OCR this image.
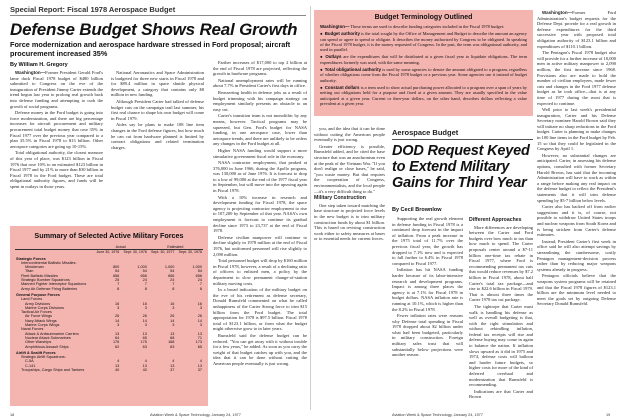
Special Report: Fiscal 1978 Aerospace Budget
Defense Budget Shows Real Growth
Force modernization and aerospace hardware stressed in Ford proposal; aircraft procurement increased 35%
By William H. Gregory

Washington—Former President Gerald Ford's lame duck Fiscal 1978 budget of $480 billion submitted to Congress on the eve of the inauguration of President Jimmy Carter extends the trend begun last year to prolong real growth back into defense funding and attempting to curb the growth of social programs.

Defense money in the Ford budget is going into force modernization, and there are big percentage increases for aircraft procurement and military procurement total budget money that rose 35% in Fiscal 1977 over the previous year compared to a plan 35.5% in Fiscal 1978 to $13 billion. Other aerospace categories are going up 10-15%.

Total obligational authority, the closest measure of this year of place, was $123 billion in Fiscal 1976 that rose 10% to an estimated $123 billion in Fiscal 1977 and by 21% to more than $30 billion in Fiscal 1978 in the Ford budget. These are total obligational authority figures, and funds will be spent in outlays in those years.

National Aeronautics and Space Administration is budgeted for three new starts in Fiscal 1978 and for $89.4 million in space shuttle physical development, a category that contains only $8 million in new funding.

Although President Carter had talked of defense budget cuts on the campaign trail last summer, his first real chance to shape his own budget will come in Fiscal 1979.

Aides say he plans to make 108 line item changes in the Ford defense figures, but how much he can cut from hardware planned is limited by contract obligations and related termination charges.

Farther increases of $17,000 to top 2 billion at the end of Fiscal 1978 are projected, reflecting the growth in hardware programs.

National unemployment rates will be running about 7.7% in President Carter's first days in office.

Reasserting health in defense jobs as a result of budget trimming with his campaign strategy on employment similarly presents an obstacle to an easy cut.

Carter's transition team is not monolithic by any means, however. Tactical programs may be squeezed, but Gen. Ford's budget for NASA funding, in one aerospace case, lower than aerospace trends, and there are unlikely to be orders any changes in the Ford budget at all.

Higher NASA funding would support a more stimulative government fiscal role in the economy.

NASA contractor employment, that peaked at 376,000 in June 1966, during the Apollo program, was 130,000 as of June 1976. It is forecast to drop to a low of 99,000 at the end of the 1977 fiscal year in September, but will move into the upswing again in Fiscal 1978.

With a 10% increase in research and development funding for Fiscal 1978, the space agency is projecting contractor employment to rise to 107,200 by September of that year. NASA's own employment is forecast to continue its gradual decline since 1973 to 23,737 at the end of Fiscal 1978.

Defense civilian manpower will continue to decline slightly in 1978 million at the end of Fiscal 1976, but uniformed personnel will rise slightly to 2,090 million.

Total personnel budget will drop by $160 million in Fiscal 1978, however, a result of a declining ratio of officers to enlisted men, a policy by the department to slow permanent change-of-station military moving costs.

In a broad indication of the military budget on the eve of his retirement as defense secretary, Donald Rumsfeld commented on what he called unhappiness of the Carter Strong force to trim $15 billion from the Ford budget. The total appropriation for 1978 is $97.5 billion. Fiscal 1978 total of $123.1 billion, or from what the budget might otherwise grow to in later years.

Rumsfeld said the defense budget can be reduced. "You can get away with it without trouble for a few years," he added. As soon as you carry the weight of that budget catches up with you, and the idea that it can be done without cutting the American people eventually is just wrong.

Summary of Selected Active Military Forces
	Actual		Estimated	
	June 30, 1976	Sept. 30, 1976	Sept. 30, 1977	Sept. 30, 1978
Strategic Forces				
Intercontinental Ballistic Missiles:				
Minuteman	800	1,000	1,000	1,000
Titan	54	54	54	54
Fleet Ballistic Missiles	656	656	656	656
Strategic Bomber Squadrons	25	24	24	24
Manned Fighter Interceptor Squadrons	7	7	7	7
Army Air Defense Firing Batteries	8	8	8	8
General Purpose Forces				
Land Forces				
Army Divisions	16	16	16	16
Marine Corps Divisions	3	3	3	3
Tactical Air Forces				
Air Force Wings	26	26	26	26
Navy Attack Wings	14	14	14	14
Marine Corps Wings	3	3	3	3
Naval Forces				
Attack & Antisubmarine Carriers	13	13	13	13
Nuclear Attack Submarines	64	65	68	71
Other Warships	176	175	168	173
Amphibious Assault Ships	62	63	63	65
Airlift & Sealift Forces				
Strategic Airlift Squadrons:				
C-5A	4	4	4	4
C-141	13	13	13	13
Troopships, Cargo Ships and Tankers	40	40	37	37
18	Aviation Week & Space Technology, January 24, 1977
Budget Terminology Outlined

Washington— These terms are used to describe funding categories included in the Fiscal 1978 budget:

● Budget authority is the total sought by the Office of Management and Budget to describe the amount an agency can spend or agree to spend or obligate. It describes the money authorized by Congress to be obligated. In speaking of the Fiscal 1978 budget, it is the money requested of Congress. In the past, the term was obligational authority, and used in parallel.

● Outlays are the expenditures that will be distributed at a given fiscal year to liquidate obligations. The term expenditures formerly was used, with the same meaning.

● Total obligational authority is used by some agencies to denote the amount obligated to a program, regardless of whether obligations come from the Fiscal 1978 budget or a previous year. Some agencies use it instead of budget authority.

● Constant dollars is a term used to show actual purchasing power allocated to a program over a span of years by netting out obligations held for a purpose and fixed at a given amount. They are usually specified in the value anticipated at a given year. Current or then-year dollars, on the other hand, describes dollars reflecting a value prevalent at a given year.

Washington—Former Ford Administration's budget requests for the Defense Dept. provide for a real growth in defense expenditures for the third successive year with proposed total obligation authority of $123.1 billion and expenditures of $110.1 billion.

The Pentagon's Fiscal 1978 budget also will provide for a further increase of 10,000 men in active military manpower to 2,090 million, the first increase since 1968. Provisions also are made to hold the number of civilian employees, made fewer cuts and changes in the Ford 1977 defense budget as he took office—that is at any time of 1977 during the most that is expected to continue.

Well prior to last week's presidential inauguration, Carter and his Defense Secretary nominee Harold Brown said they will initiate no sharp reductions in the Ford budget. Carter is planning to make changes in 100 line items in the Ford budget by Feb. 15 so that they could be legislated in the Congress by April 1.

However, no substantial changes are anticipated. Carter, in assessing his defense options, consulted with former Secretary Harold Brown, has said that the incoming Administration will have to work as within a range before making any real impact on the defense budget to reflect the President's statements that it will trim defense spending by $5-7 billion below levels.

Carter also has backed off from earlier suggestions and it is, of course, not possible to withdraw United States troops and nuclear weapons from South Korea and is being stricken from Carter's defense estimates.

Instead, President Carter's first week in office said he will also attempt savings by streamlining the cumbersome, costly Pentagon management-decision process rather than by reducing major weapons systems already in progress.

Pentagon officials believe that the weapons system programs will be retained and that the Fiscal 1978 figures of $123.1 billion are the minimum level needed to meet the goals set by outgoing Defense Secretary Donald Rumsfeld.

you, and the idea that it can be done without cutting the American people eventually is just wrong.

Greater efficiency is possible, Rumsfeld added, and he cited the base structure that was an anachronism even at the peak of the Vietnam War. "If you don't realign or close bases," he said, "you waste money. But that requires the cooperation of Congress, environmentalists, and the local people—it's a very difficult thing to do."

Military Construction

One step taken toward matching the base structure to projected force levels in the new budget is to trim military construction funds by about $1 billion. This is based on revising construction work either to safety measures at bases or to essential needs for current forces.

Aerospace Budget
DOD Request Keyed to Extend Military Gains for Third Year
By Cecil Brownlow

Supporting the real growth element in defense funding in Fiscal 1978 is a continued drop forecast in the impact of inflation. From a peak increase in the 1975 total of 11.7% over the previous fiscal year, the growth has dropped to 7.1% now and is expected to fall further to 6.4% in Fiscal 1978 compared to Fiscal 1977.

Inflation has hit NASA funding harder because of its labor-intensive research and development programs. Impact is among three places the agency is at 7.1% for Fiscal 1978 in budget dollars. NASA inflation rate is running at 10.1%, which is higher than the 8.2% in Fiscal 1978.

Fewer inflation rates were reasons why Defense total spending in Fiscal 1978 dropped about $2 billion under what had been budgeted, particularly in military construction. Foreign military sales trust that will substantially below projections were another reason.

Different Approaches

More differences are developing between the Carter and Ford budgets over how much to tax than how much to spend. The Carter proposals center around a $7-11 billion one-time tax rebate in Fiscal 1977, where Ford is recommending permanent tax cuts that would reduce revenues by $7.2 billion in Fiscal 1978, about half Carter's total tax package—and rise to $22.6 billion in Fiscal 1979. That is almost three times the Carter 1978 tax cut package.

The tightrope that Carter must walk is handling his defense as well as overall budgeting is that, with the right stimulation and without rekindling inflation, federal tax receipts will rise and defense buying may come in again to balance the nation. If inflation slows upward as it did in 1975 and 1974, defense costs will balloon and harder future budgets, so higher costs for more of the kind of deferred overhaul and modernization that Rumsfeld is recommending.

Indications are that Carter and Brown

Aviation Week & Space Technology, January 24, 1977	19
